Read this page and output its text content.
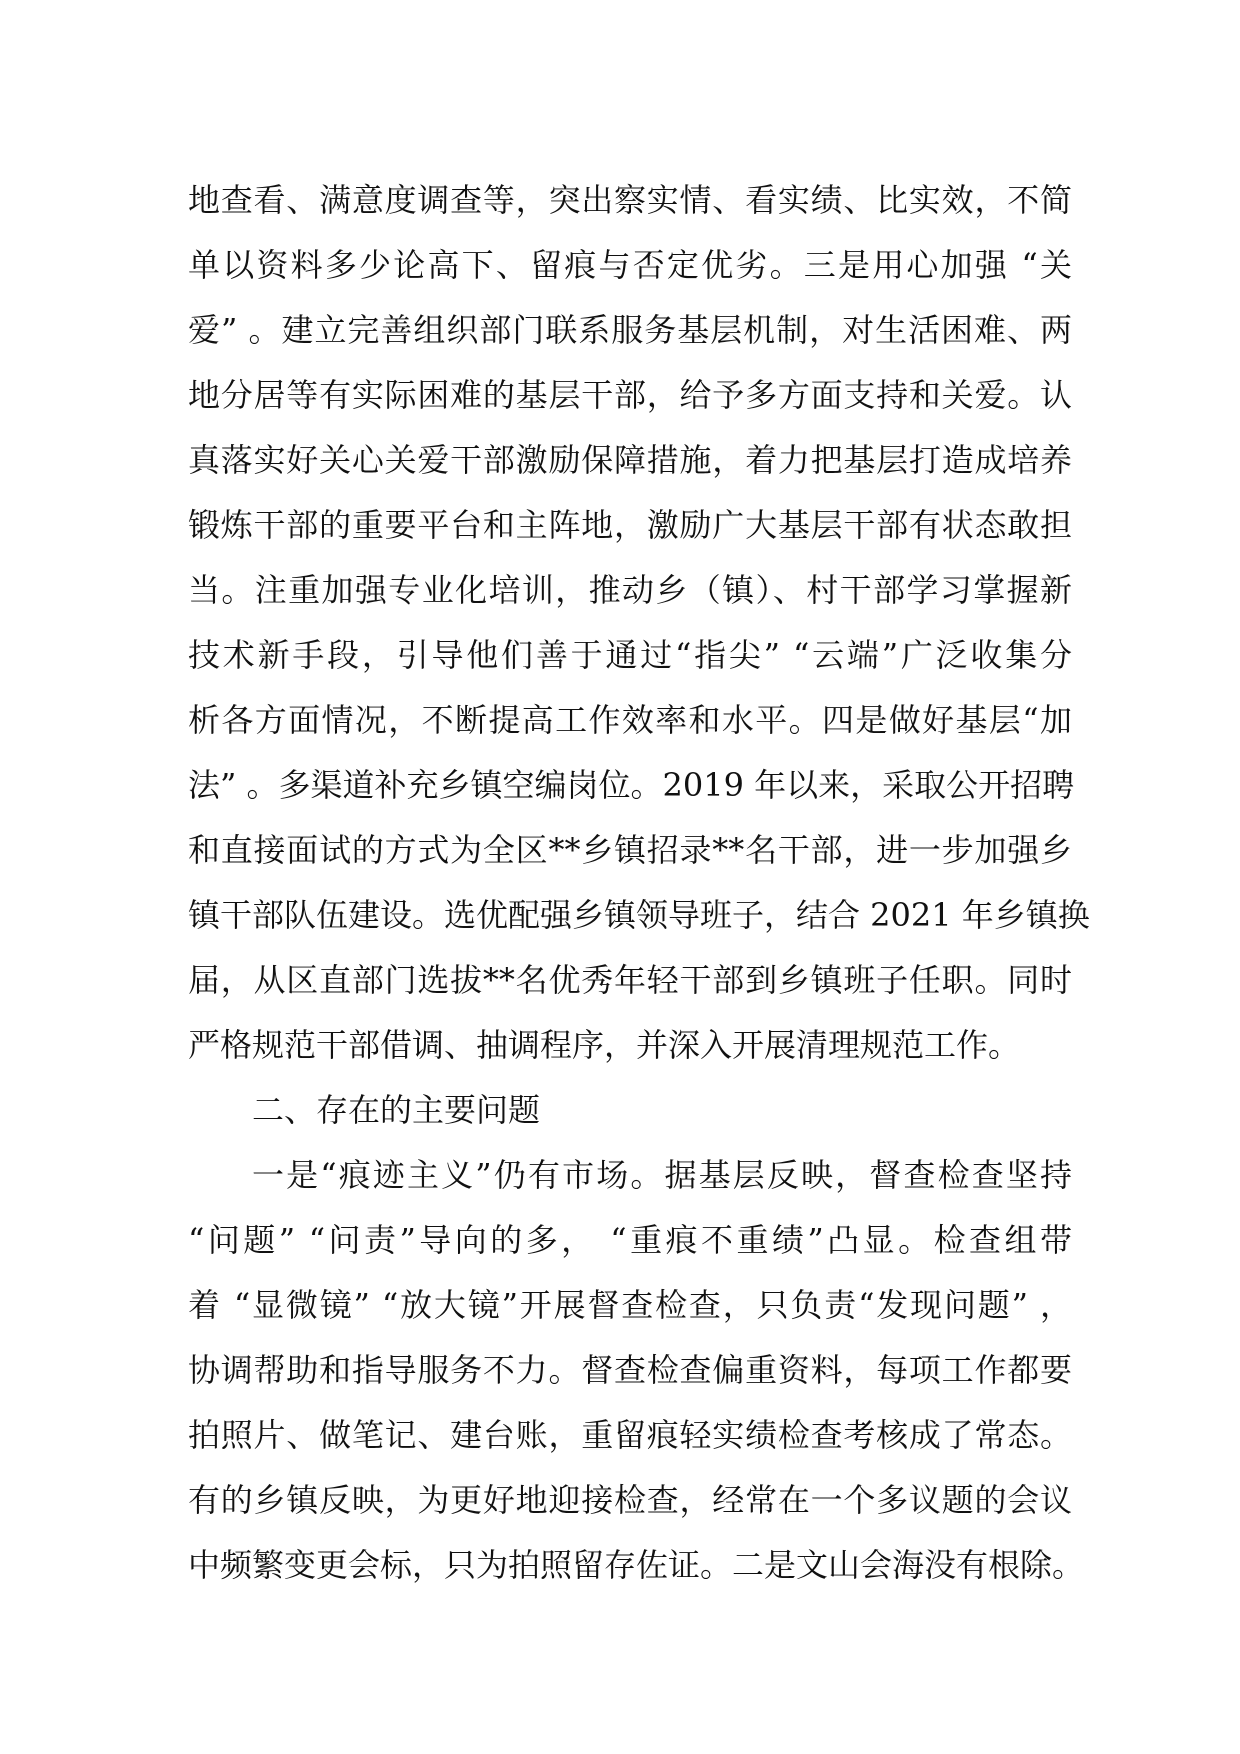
地查看、满意度调查等，突出察实情、看实绩、比实效，不简
单以资料多少论高下、留痕与否定优劣。三是用心加强 “关
爱” 。建立完善组织部门联系服务基层机制，对生活困难、两
地分居等有实际困难的基层干部，给予多方面支持和关爱。认
真落实好关心关爱干部激励保障措施，着力把基层打造成培养
锻炼干部的重要平台和主阵地，激励广大基层干部有状态敢担
当。注重加强专业化培训，推动乡（镇）、村干部学习掌握新
技术新手段，引导他们善于通过“指尖” “云端”广泛收集分
析各方面情况，不断提高工作效率和水平。四是做好基层“加
法” 。多渠道补充乡镇空编岗位。2019 年以来，采取公开招聘
和直接面试的方式为全区**乡镇招录**名干部，进一步加强乡
镇干部队伍建设。选优配强乡镇领导班子，结合 2021 年乡镇换
届，从区直部门选拔**名优秀年轻干部到乡镇班子任职。同时
严格规范干部借调、抽调程序，并深入开展清理规范工作。
二、存在的主要问题
一是“痕迹主义”仍有市场。据基层反映，督查检查坚持
“问题” “问责”导向的多， “重痕不重绩”凸显。检查组带
着 “显微镜” “放大镜”开展督查检查，只负责“发现问题” ，
协调帮助和指导服务不力。督查检查偏重资料，每项工作都要
拍照片、做笔记、建台账，重留痕轻实绩检查考核成了常态。
有的乡镇反映，为更好地迎接检查，经常在一个多议题的会议
中频繁变更会标，只为拍照留存佐证。二是文山会海没有根除。
